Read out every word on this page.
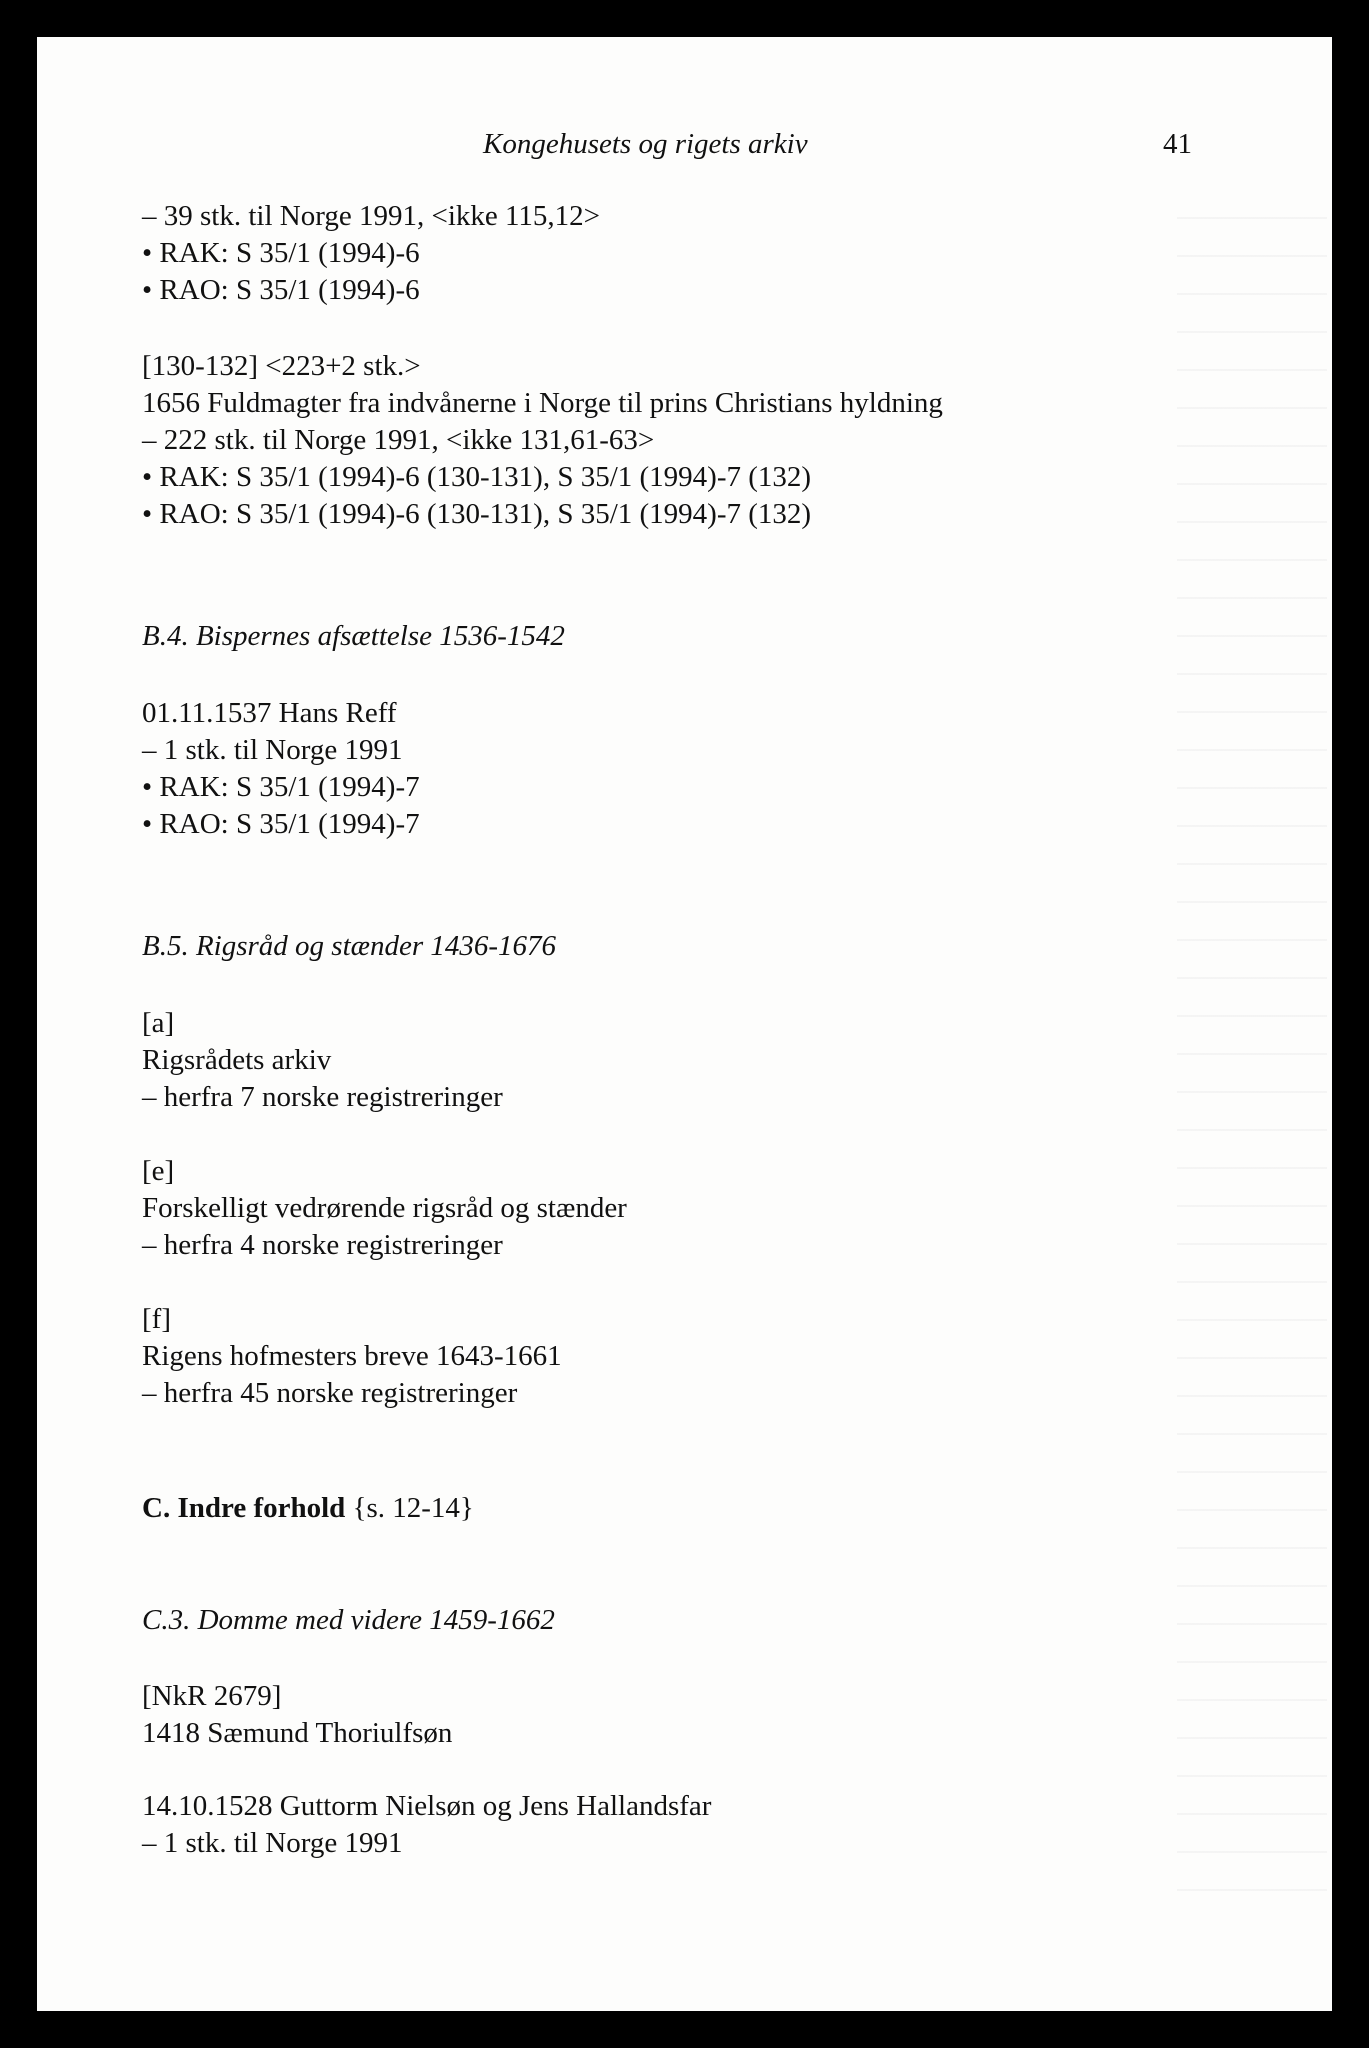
Kongehusets og rigets arkiv	41
– 39 stk. til Norge 1991, <ikke 115,12>
• RAK: S 35/1 (1994)-6
• RAO: S 35/1 (1994)-6
[130-132] <223+2 stk.>
1656 Fuldmagter fra indvånerne i Norge til prins Christians hyldning
– 222 stk. til Norge 1991, <ikke 131,61-63>
• RAK: S 35/1 (1994)-6 (130-131), S 35/1 (1994)-7 (132)
• RAO: S 35/1 (1994)-6 (130-131), S 35/1 (1994)-7 (132)
B.4. Bispernes afsættelse 1536-1542
01.11.1537 Hans Reff
– 1 stk. til Norge 1991
• RAK: S 35/1 (1994)-7
• RAO: S 35/1 (1994)-7
B.5. Rigsråd og stænder 1436-1676
[a]
Rigsrådets arkiv
– herfra 7 norske registreringer
[e]
Forskelligt vedrørende rigsråd og stænder
– herfra 4 norske registreringer
[f]
Rigens hofmesters breve 1643-1661
– herfra 45 norske registreringer
C. Indre forhold {s. 12-14}
C.3. Domme med videre 1459-1662
[NkR 2679]
1418 Sæmund Thoriulfsøn
14.10.1528 Guttorm Nielsøn og Jens Hallandsfar
– 1 stk. til Norge 1991
